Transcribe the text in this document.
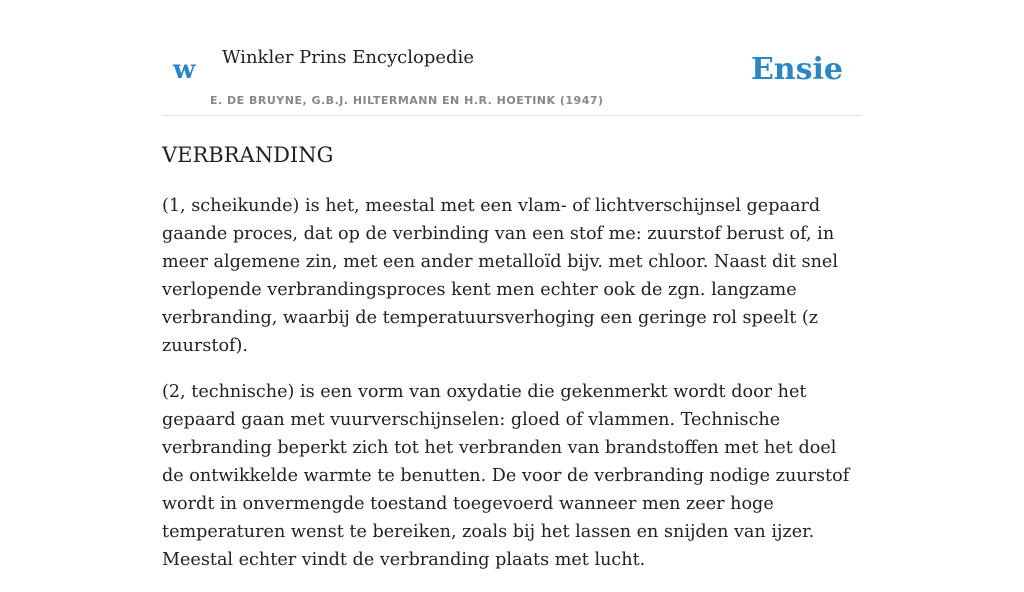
w Winkler Prins Encyclopedie
E. DE BRUYNE, G.B.J. HILTERMANN EN H.R. HOETINK (1947)
Ensie
VERBRANDING

(1, scheikunde) is het, meestal met een vlam- of lichtverschijnsel gepaard gaande proces, dat op de verbinding van een stof me: zuurstof berust of, in meer algemene zin, met een ander metalloïd bijv. met chloor. Naast dit snel verlopende verbrandingsproces kent men echter ook de zgn. langzame verbranding, waarbij de temperatuursverhoging een geringe rol speelt (z zuurstof).

(2, technische) is een vorm van oxydatie die gekenmerkt wordt door het gepaard gaan met vuurverschijnselen: gloed of vlammen. Technische verbranding beperkt zich tot het verbranden van brandstoffen met het doel de ontwikkelde warmte te benutten. De voor de verbranding nodige zuurstof wordt in onvermengde toestand toegevoerd wanneer men zeer hoge temperaturen wenst te bereiken, zoals bij het lassen en snijden van ijzer. Meestal echter vindt de verbranding plaats met lucht.
